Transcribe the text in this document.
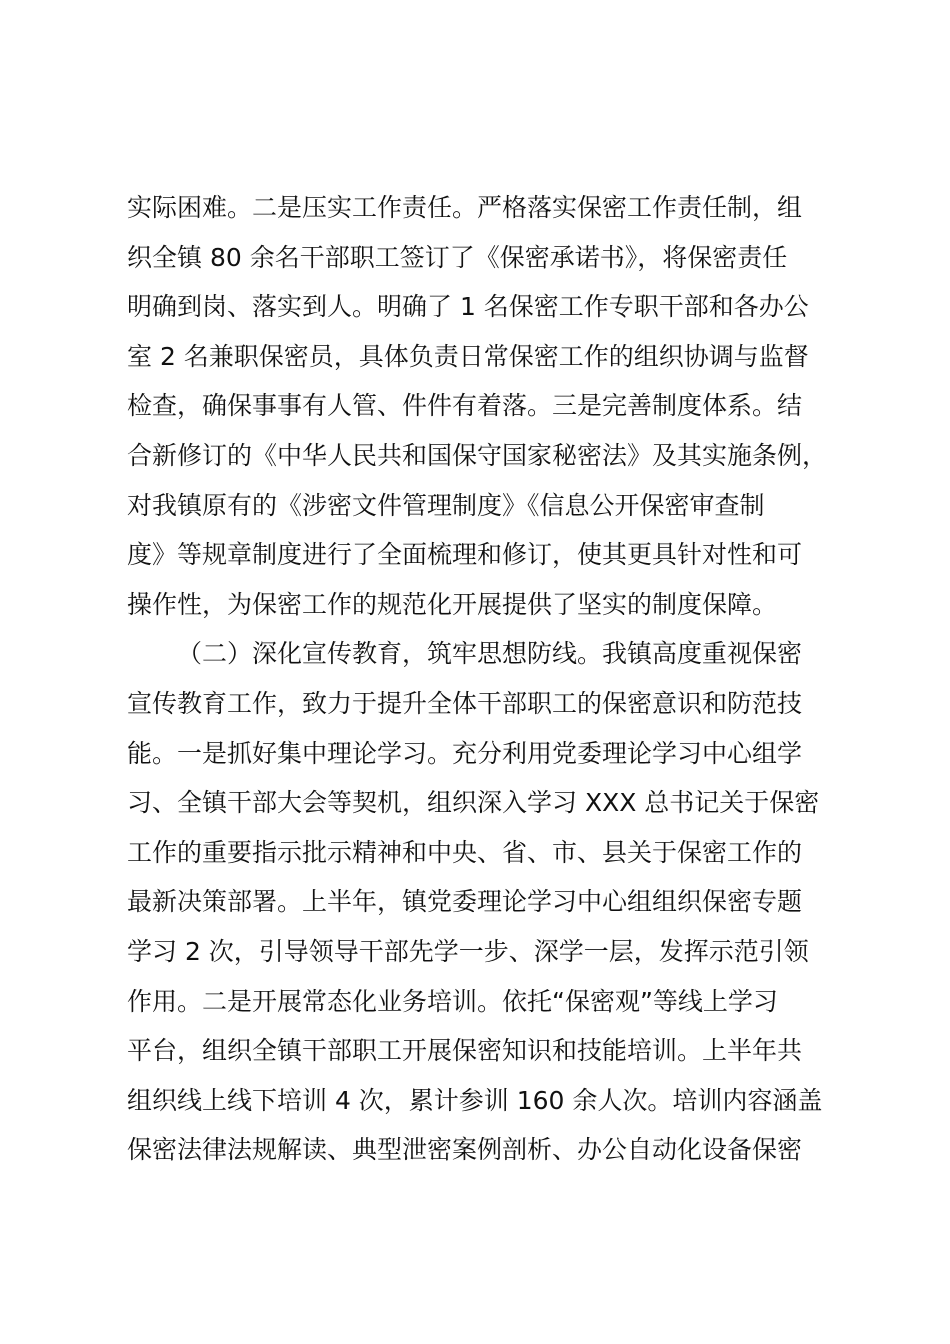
实际困难。二是压实工作责任。严格落实保密工作责任制，组
织全镇 80 余名干部职工签订了《保密承诺书》，将保密责任
明确到岗、落实到人。明确了 1 名保密工作专职干部和各办公
室 2 名兼职保密员，具体负责日常保密工作的组织协调与监督
检查，确保事事有人管、件件有着落。三是完善制度体系。结
合新修订的《中华人民共和国保守国家秘密法》及其实施条例，
对我镇原有的《涉密文件管理制度》《信息公开保密审查制
度》等规章制度进行了全面梳理和修订，使其更具针对性和可
操作性，为保密工作的规范化开展提供了坚实的制度保障。
（二）深化宣传教育，筑牢思想防线。我镇高度重视保密
宣传教育工作，致力于提升全体干部职工的保密意识和防范技
能。一是抓好集中理论学习。充分利用党委理论学习中心组学
习、全镇干部大会等契机，组织深入学习 XXX 总书记关于保密
工作的重要指示批示精神和中央、省、市、县关于保密工作的
最新决策部署。上半年，镇党委理论学习中心组组织保密专题
学习 2 次，引导领导干部先学一步、深学一层，发挥示范引领
作用。二是开展常态化业务培训。依托“保密观”等线上学习
平台，组织全镇干部职工开展保密知识和技能培训。上半年共
组织线上线下培训 4 次，累计参训 160 余人次。培训内容涵盖
保密法律法规解读、典型泄密案例剖析、办公自动化设备保密
